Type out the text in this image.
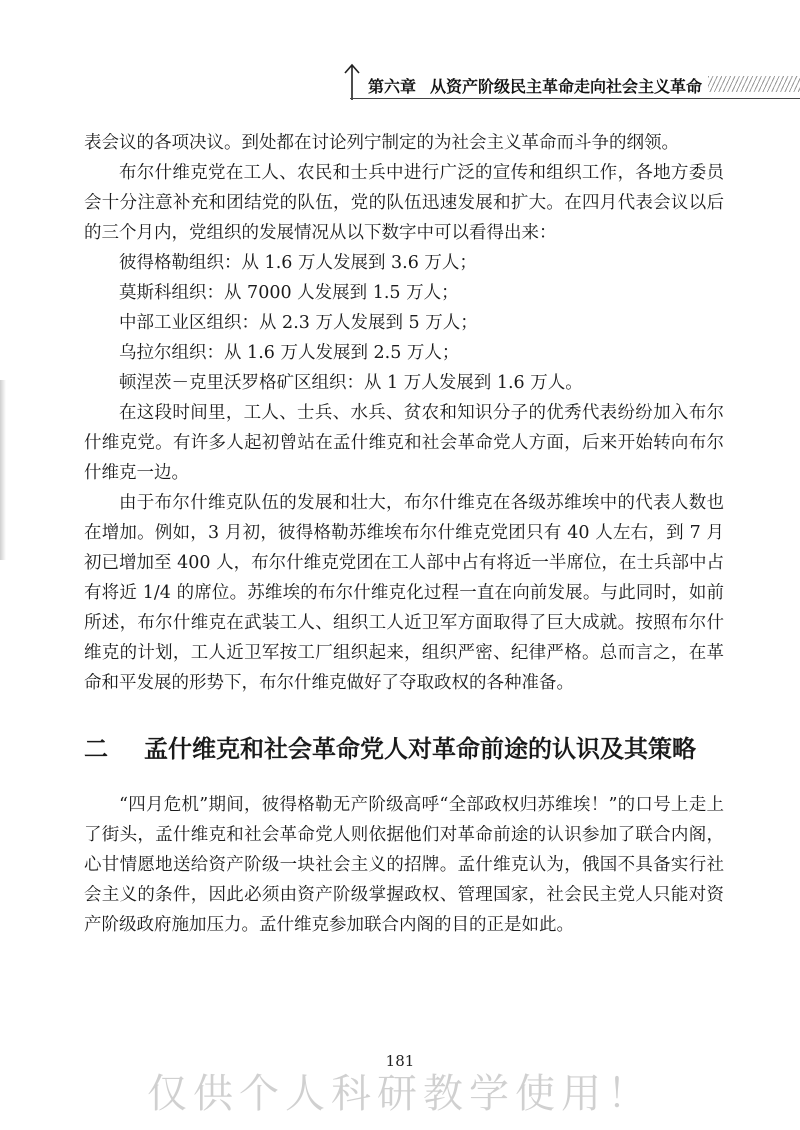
第六章 从资产阶级民主革命走向社会主义革命

表会议的各项决议。到处都在讨论列宁制定的为社会主义革命而斗争的纲领。

布尔什维克党在工人、农民和士兵中进行广泛的宣传和组织工作，各地方委员会十分注意补充和团结党的队伍，党的队伍迅速发展和扩大。在四月代表会议以后的三个月内，党组织的发展情况从以下数字中可以看得出来：

彼得格勒组织：从 1.6 万人发展到 3.6 万人；

莫斯科组织：从 7000 人发展到 1.5 万人；

中部工业区组织：从 2.3 万人发展到 5 万人；

乌拉尔组织：从 1.6 万人发展到 2.5 万人；

顿涅茨－克里沃罗格矿区组织：从 1 万人发展到 1.6 万人。

在这段时间里，工人、士兵、水兵、贫农和知识分子的优秀代表纷纷加入布尔什维克党。有许多人起初曾站在孟什维克和社会革命党人方面，后来开始转向布尔什维克一边。

由于布尔什维克队伍的发展和壮大，布尔什维克在各级苏维埃中的代表人数也在增加。例如，3 月初，彼得格勒苏维埃布尔什维克党团只有 40 人左右，到 7 月初已增加至 400 人，布尔什维克党团在工人部中占有将近一半席位，在士兵部中占有将近 1/4 的席位。苏维埃的布尔什维克化过程一直在向前发展。与此同时，如前所述，布尔什维克在武装工人、组织工人近卫军方面取得了巨大成就。按照布尔什维克的计划，工人近卫军按工厂组织起来，组织严密、纪律严格。总而言之，在革命和平发展的形势下，布尔什维克做好了夺取政权的各种准备。

二 孟什维克和社会革命党人对革命前途的认识及其策略

“四月危机”期间，彼得格勒无产阶级高呼“全部政权归苏维埃！”的口号上走上了街头，孟什维克和社会革命党人则依据他们对革命前途的认识参加了联合内阁，心甘情愿地送给资产阶级一块社会主义的招牌。孟什维克认为，俄国不具备实行社会主义的条件，因此必须由资产阶级掌握政权、管理国家，社会民主党人只能对资产阶级政府施加压力。孟什维克参加联合内阁的目的正是如此。

181
仅供个人科研教学使用！
